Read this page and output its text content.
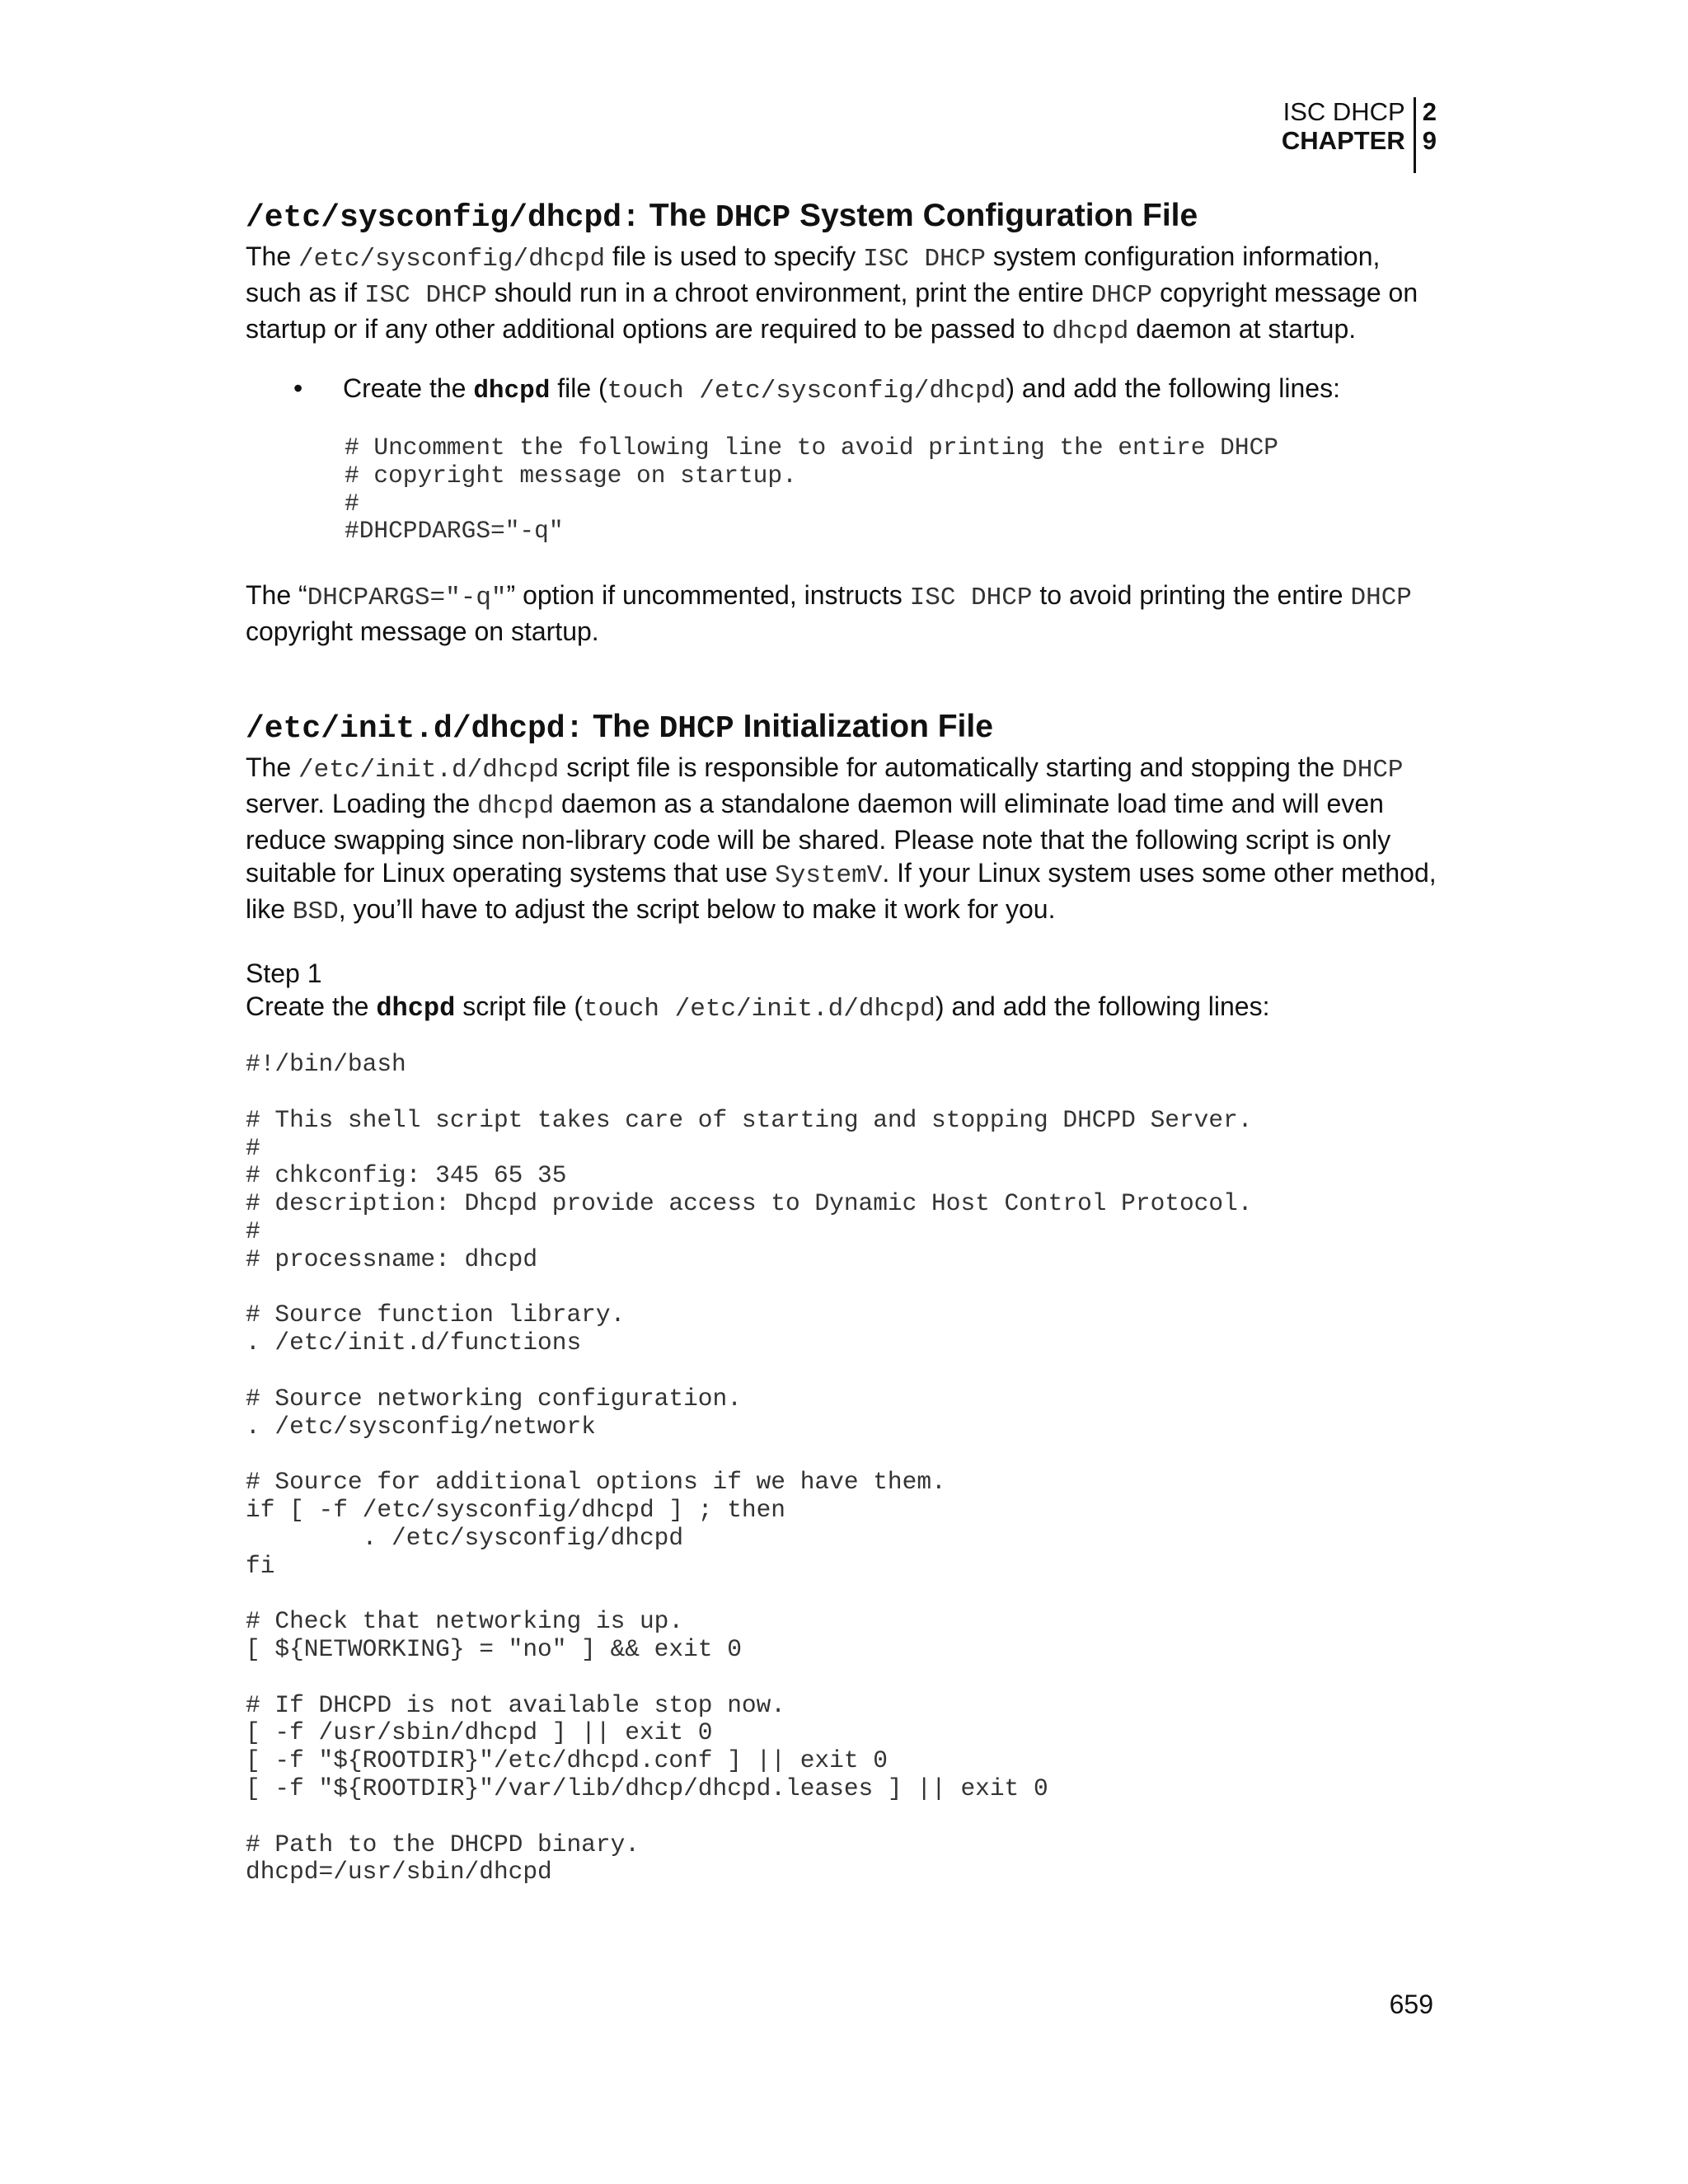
ISC DHCP
CHAPTER
2
9
/etc/sysconfig/dhcpd: The DHCP System Configuration File

The /etc/sysconfig/dhcpd file is used to specify ISC DHCP system configuration information, such as if ISC DHCP should run in a chroot environment, print the entire DHCP copyright message on startup or if any other additional options are required to be passed to dhcpd daemon at startup.

• Create the dhcpd file (touch /etc/sysconfig/dhcpd) and add the following lines:
# Uncomment the following line to avoid printing the entire DHCP
# copyright message on startup.
#
#DHCPDARGS="-q"

The “DHCPARGS="-q"” option if uncommented, instructs ISC DHCP to avoid printing the entire DHCP copyright message on startup.

/etc/init.d/dhcpd: The DHCP Initialization File

The /etc/init.d/dhcpd script file is responsible for automatically starting and stopping the DHCP server. Loading the dhcpd daemon as a standalone daemon will eliminate load time and will even reduce swapping since non-library code will be shared. Please note that the following script is only suitable for Linux operating systems that use SystemV. If your Linux system uses some other method, like BSD, you’ll have to adjust the script below to make it work for you.

Step 1

Create the dhcpd script file (touch /etc/init.d/dhcpd) and add the following lines:

#!/bin/bash

# This shell script takes care of starting and stopping DHCPD Server.
#
# chkconfig: 345 65 35
# description: Dhcpd provide access to Dynamic Host Control Protocol.
#
# processname: dhcpd

# Source function library.
. /etc/init.d/functions

# Source networking configuration.
. /etc/sysconfig/network

# Source for additional options if we have them.
if [ -f /etc/sysconfig/dhcpd ] ; then
. /etc/sysconfig/dhcpd
fi

# Check that networking is up.
[ ${NETWORKING} = "no" ] && exit 0

# If DHCPD is not available stop now.
[ -f /usr/sbin/dhcpd ] || exit 0
[ -f "${ROOTDIR}"/etc/dhcpd.conf ] || exit 0
[ -f "${ROOTDIR}"/var/lib/dhcp/dhcpd.leases ] || exit 0

# Path to the DHCPD binary.
dhcpd=/usr/sbin/dhcpd
659
